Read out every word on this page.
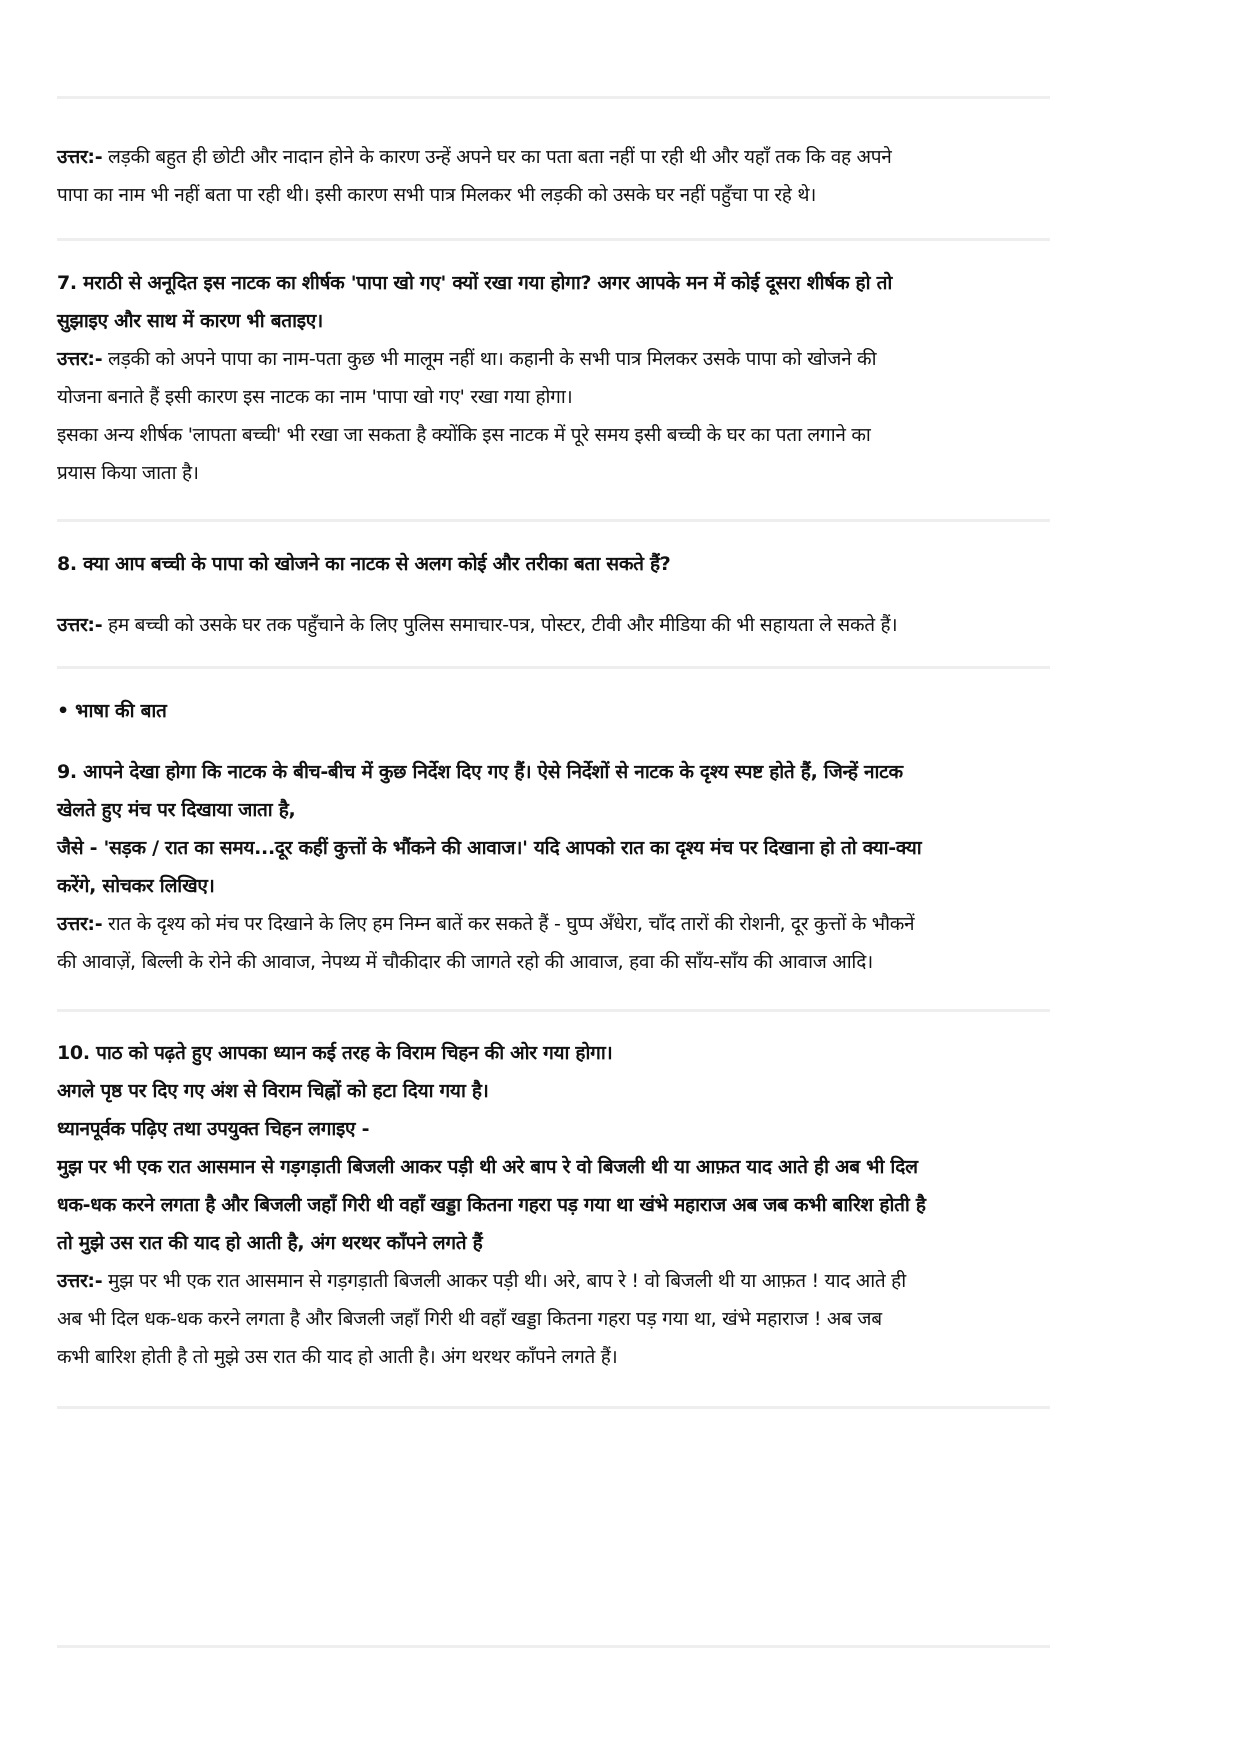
उत्तर:- लड़की बहुत ही छोटी और नादान होने के कारण उन्हें अपने घर का पता बता नहीं पा रही थी और यहाँ तक कि वह अपने
पापा का नाम भी नहीं बता पा रही थी। इसी कारण सभी पात्र मिलकर भी लड़की को उसके घर नहीं पहुँचा पा रहे थे।
7. मराठी से अनूदित इस नाटक का शीर्षक 'पापा खो गए' क्यों रखा गया होगा? अगर आपके मन में कोई दूसरा शीर्षक हो तो
सुझाइए और साथ में कारण भी बताइए।
उत्तर:- लड़की को अपने पापा का नाम-पता कुछ भी मालूम नहीं था। कहानी के सभी पात्र मिलकर उसके पापा को खोजने की
योजना बनाते हैं इसी कारण इस नाटक का नाम 'पापा खो गए' रखा गया होगा।
इसका अन्य शीर्षक 'लापता बच्ची' भी रखा जा सकता है क्योंकि इस नाटक में पूरे समय इसी बच्ची के घर का पता लगाने का
प्रयास किया जाता है।
8. क्या आप बच्ची के पापा को खोजने का नाटक से अलग कोई और तरीका बता सकते हैं?
उत्तर:- हम बच्ची को उसके घर तक पहुँचाने के लिए पुलिस समाचार-पत्र, पोस्टर, टीवी और मीडिया की भी सहायता ले सकते हैं।
• भाषा की बात
9. आपने देखा होगा कि नाटक के बीच-बीच में कुछ निर्देश दिए गए हैं। ऐसे निर्देशों से नाटक के दृश्य स्पष्ट होते हैं, जिन्हें नाटक
खेलते हुए मंच पर दिखाया जाता है,
जैसे - 'सड़क / रात का समय...दूर कहीं कुत्तों के भौंकने की आवाज।' यदि आपको रात का दृश्य मंच पर दिखाना हो तो क्या-क्या
करेंगे, सोचकर लिखिए।
उत्तर:- रात के दृश्य को मंच पर दिखाने के लिए हम निम्न बातें कर सकते हैं - घुप्प अँधेरा, चाँद तारों की रोशनी, दूर कुत्तों के भौकनें
की आवाज़ें, बिल्ली के रोने की आवाज, नेपथ्य में चौकीदार की जागते रहो की आवाज, हवा की साँय-साँय की आवाज आदि।
10. पाठ को पढ़ते हुए आपका ध्यान कई तरह के विराम चिहन की ओर गया होगा।
अगले पृष्ठ पर दिए गए अंश से विराम चिह्नों को हटा दिया गया है।
ध्यानपूर्वक पढ़िए तथा उपयुक्त चिहन लगाइए -
मुझ पर भी एक रात आसमान से गड़गड़ाती बिजली आकर पड़ी थी अरे बाप रे वो बिजली थी या आफ़त याद आते ही अब भी दिल
धक-धक करने लगता है और बिजली जहाँ गिरी थी वहाँ खड्डा कितना गहरा पड़ गया था खंभे महाराज अब जब कभी बारिश होती है
तो मुझे उस रात की याद हो आती है, अंग थरथर काँपने लगते हैं
उत्तर:- मुझ पर भी एक रात आसमान से गड़गड़ाती बिजली आकर पड़ी थी। अरे, बाप रे ! वो बिजली थी या आफ़त ! याद आते ही
अब भी दिल धक-धक करने लगता है और बिजली जहाँ गिरी थी वहाँ खड्डा कितना गहरा पड़ गया था, खंभे महाराज ! अब जब
कभी बारिश होती है तो मुझे उस रात की याद हो आती है। अंग थरथर काँपने लगते हैं।
